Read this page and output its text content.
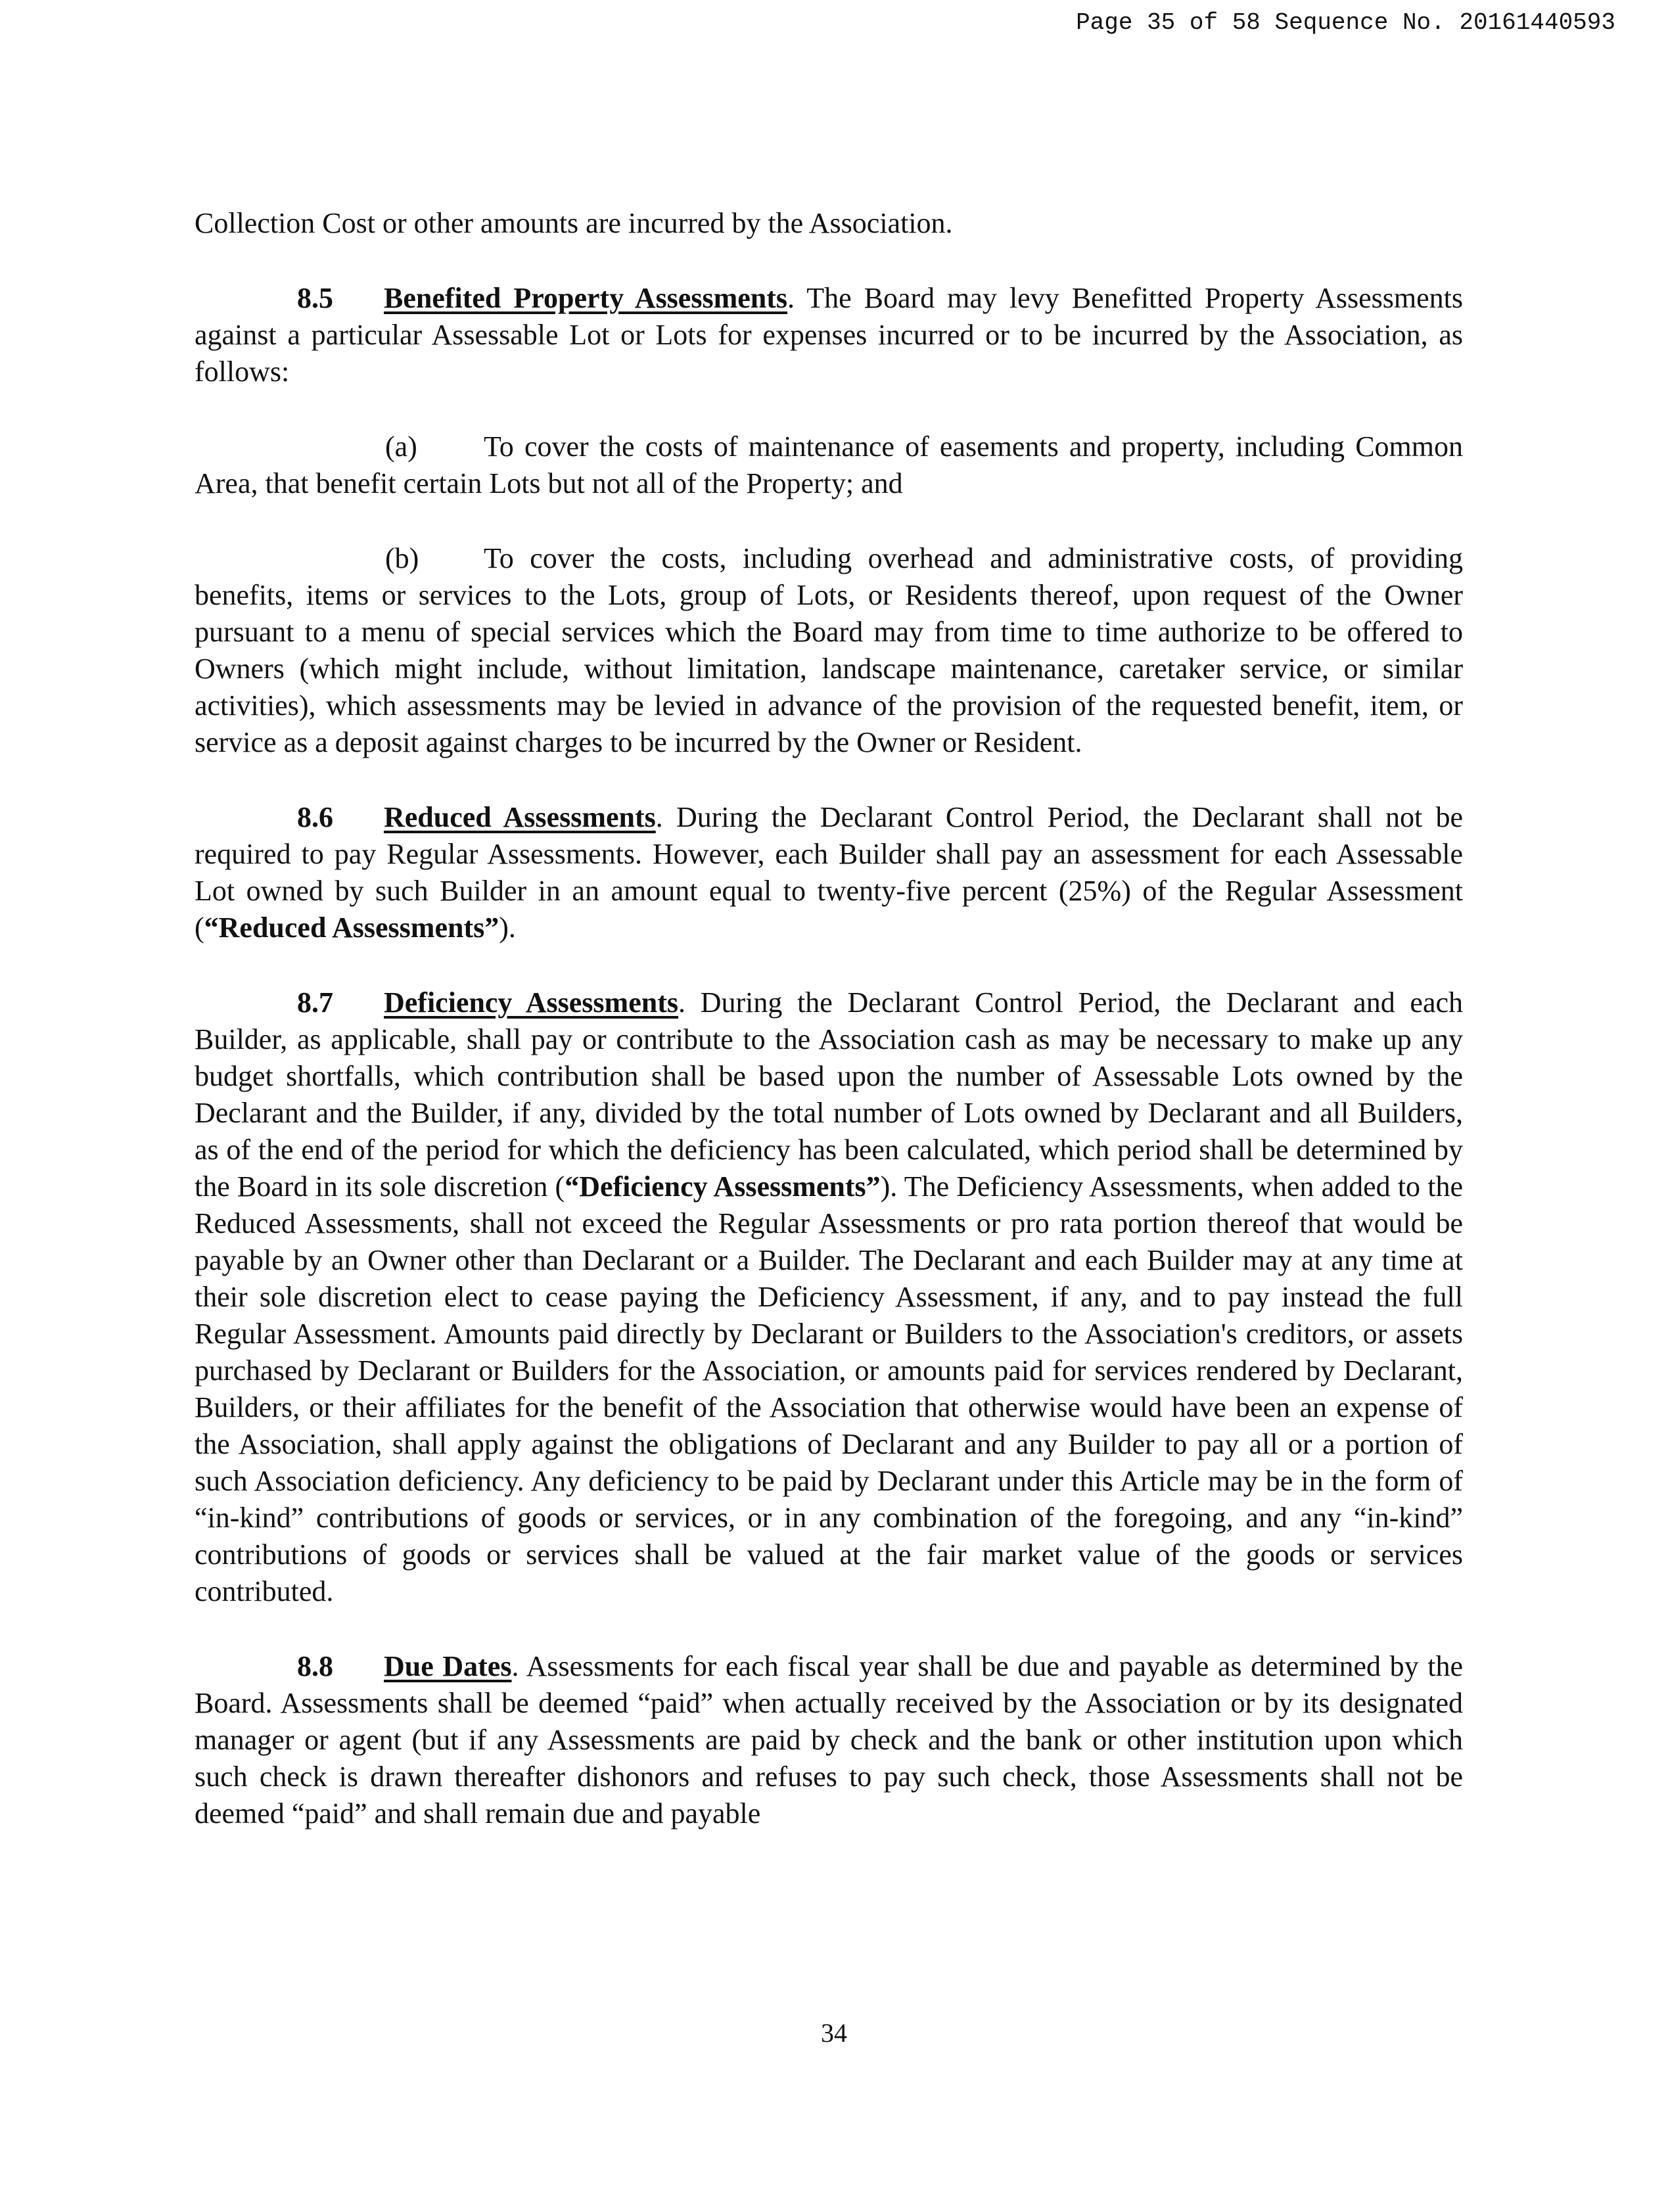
Page 35 of 58 Sequence No. 20161440593

Collection Cost or other amounts are incurred by the Association.

8.5 Benefited Property Assessments. The Board may levy Benefitted Property Assessments against a particular Assessable Lot or Lots for expenses incurred or to be incurred by the Association, as follows:

(a) To cover the costs of maintenance of easements and property, including Common Area, that benefit certain Lots but not all of the Property; and

(b) To cover the costs, including overhead and administrative costs, of providing benefits, items or services to the Lots, group of Lots, or Residents thereof, upon request of the Owner pursuant to a menu of special services which the Board may from time to time authorize to be offered to Owners (which might include, without limitation, landscape maintenance, caretaker service, or similar activities), which assessments may be levied in advance of the provision of the requested benefit, item, or service as a deposit against charges to be incurred by the Owner or Resident.

8.6 Reduced Assessments. During the Declarant Control Period, the Declarant shall not be required to pay Regular Assessments. However, each Builder shall pay an assessment for each Assessable Lot owned by such Builder in an amount equal to twenty-five percent (25%) of the Regular Assessment (“Reduced Assessments”).

8.7 Deficiency Assessments. During the Declarant Control Period, the Declarant and each Builder, as applicable, shall pay or contribute to the Association cash as may be necessary to make up any budget shortfalls, which contribution shall be based upon the number of Assessable Lots owned by the Declarant and the Builder, if any, divided by the total number of Lots owned by Declarant and all Builders, as of the end of the period for which the deficiency has been calculated, which period shall be determined by the Board in its sole discretion (“Deficiency Assessments”). The Deficiency Assessments, when added to the Reduced Assessments, shall not exceed the Regular Assessments or pro rata portion thereof that would be payable by an Owner other than Declarant or a Builder. The Declarant and each Builder may at any time at their sole discretion elect to cease paying the Deficiency Assessment, if any, and to pay instead the full Regular Assessment. Amounts paid directly by Declarant or Builders to the Association's creditors, or assets purchased by Declarant or Builders for the Association, or amounts paid for services rendered by Declarant, Builders, or their affiliates for the benefit of the Association that otherwise would have been an expense of the Association, shall apply against the obligations of Declarant and any Builder to pay all or a portion of such Association deficiency. Any deficiency to be paid by Declarant under this Article may be in the form of “in-kind” contributions of goods or services, or in any combination of the foregoing, and any “in-kind” contributions of goods or services shall be valued at the fair market value of the goods or services contributed.

8.8 Due Dates. Assessments for each fiscal year shall be due and payable as determined by the Board. Assessments shall be deemed “paid” when actually received by the Association or by its designated manager or agent (but if any Assessments are paid by check and the bank or other institution upon which such check is drawn thereafter dishonors and refuses to pay such check, those Assessments shall not be deemed “paid” and shall remain due and payable

34
